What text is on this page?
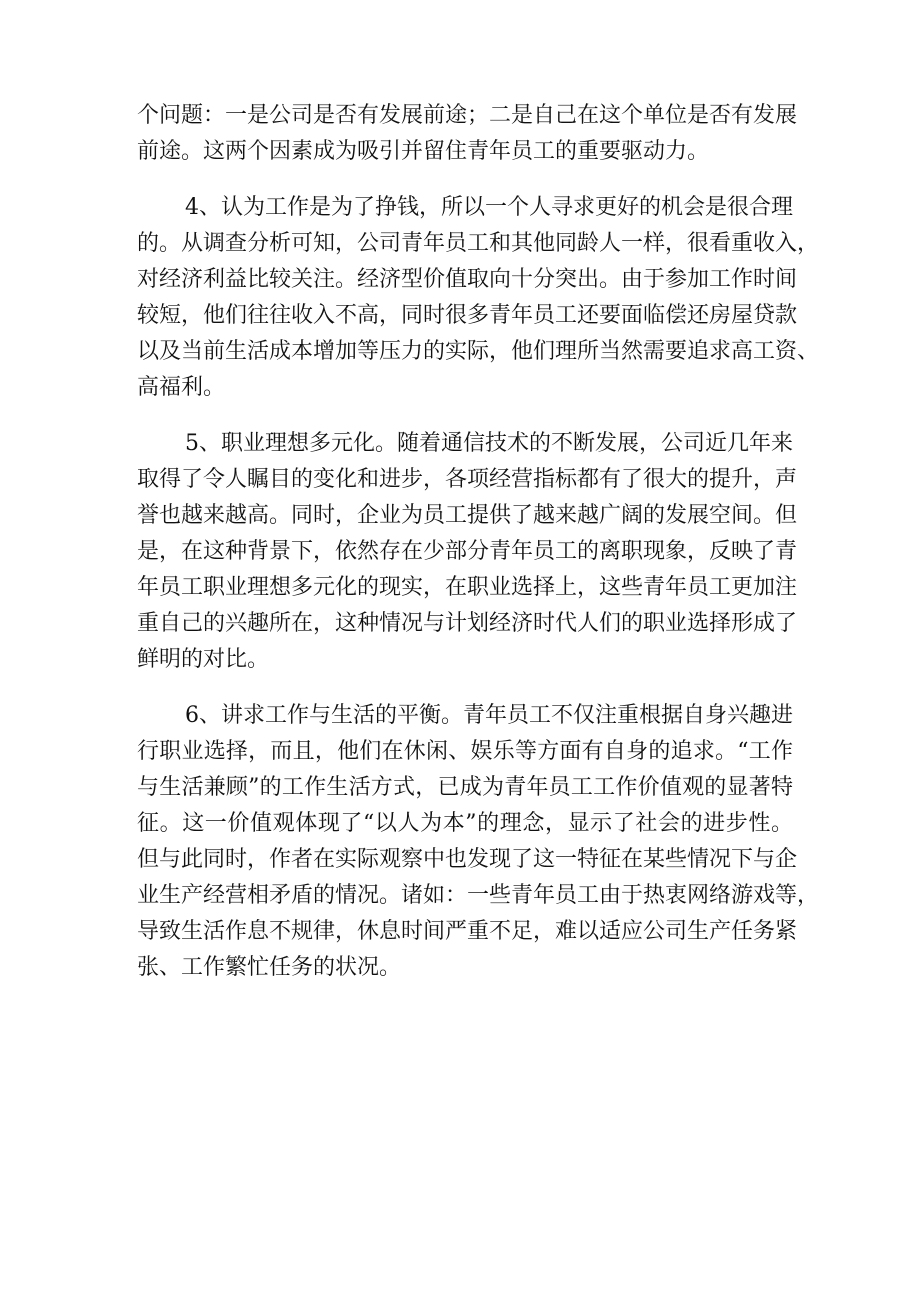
个问题：一是公司是否有发展前途；二是自己在这个单位是否有发展
前途。这两个因素成为吸引并留住青年员工的重要驱动力。
4、认为工作是为了挣钱，所以一个人寻求更好的机会是很合理
的。从调查分析可知，公司青年员工和其他同龄人一样，很看重收入，
对经济利益比较关注。经济型价值取向十分突出。由于参加工作时间
较短，他们往往收入不高，同时很多青年员工还要面临偿还房屋贷款
以及当前生活成本增加等压力的实际，他们理所当然需要追求高工资、
高福利。
5、职业理想多元化。随着通信技术的不断发展，公司近几年来
取得了令人瞩目的变化和进步，各项经营指标都有了很大的提升，声
誉也越来越高。同时，企业为员工提供了越来越广阔的发展空间。但
是，在这种背景下，依然存在少部分青年员工的离职现象，反映了青
年员工职业理想多元化的现实，在职业选择上，这些青年员工更加注
重自己的兴趣所在，这种情况与计划经济时代人们的职业选择形成了
鲜明的对比。
6、讲求工作与生活的平衡。青年员工不仅注重根据自身兴趣进
行职业选择，而且，他们在休闲、娱乐等方面有自身的追求。“工作
与生活兼顾”的工作生活方式，已成为青年员工工作价值观的显著特
征。这一价值观体现了“以人为本”的理念，显示了社会的进步性。
但与此同时，作者在实际观察中也发现了这一特征在某些情况下与企
业生产经营相矛盾的情况。诸如：一些青年员工由于热衷网络游戏等，
导致生活作息不规律，休息时间严重不足，难以适应公司生产任务紧
张、工作繁忙任务的状况。
